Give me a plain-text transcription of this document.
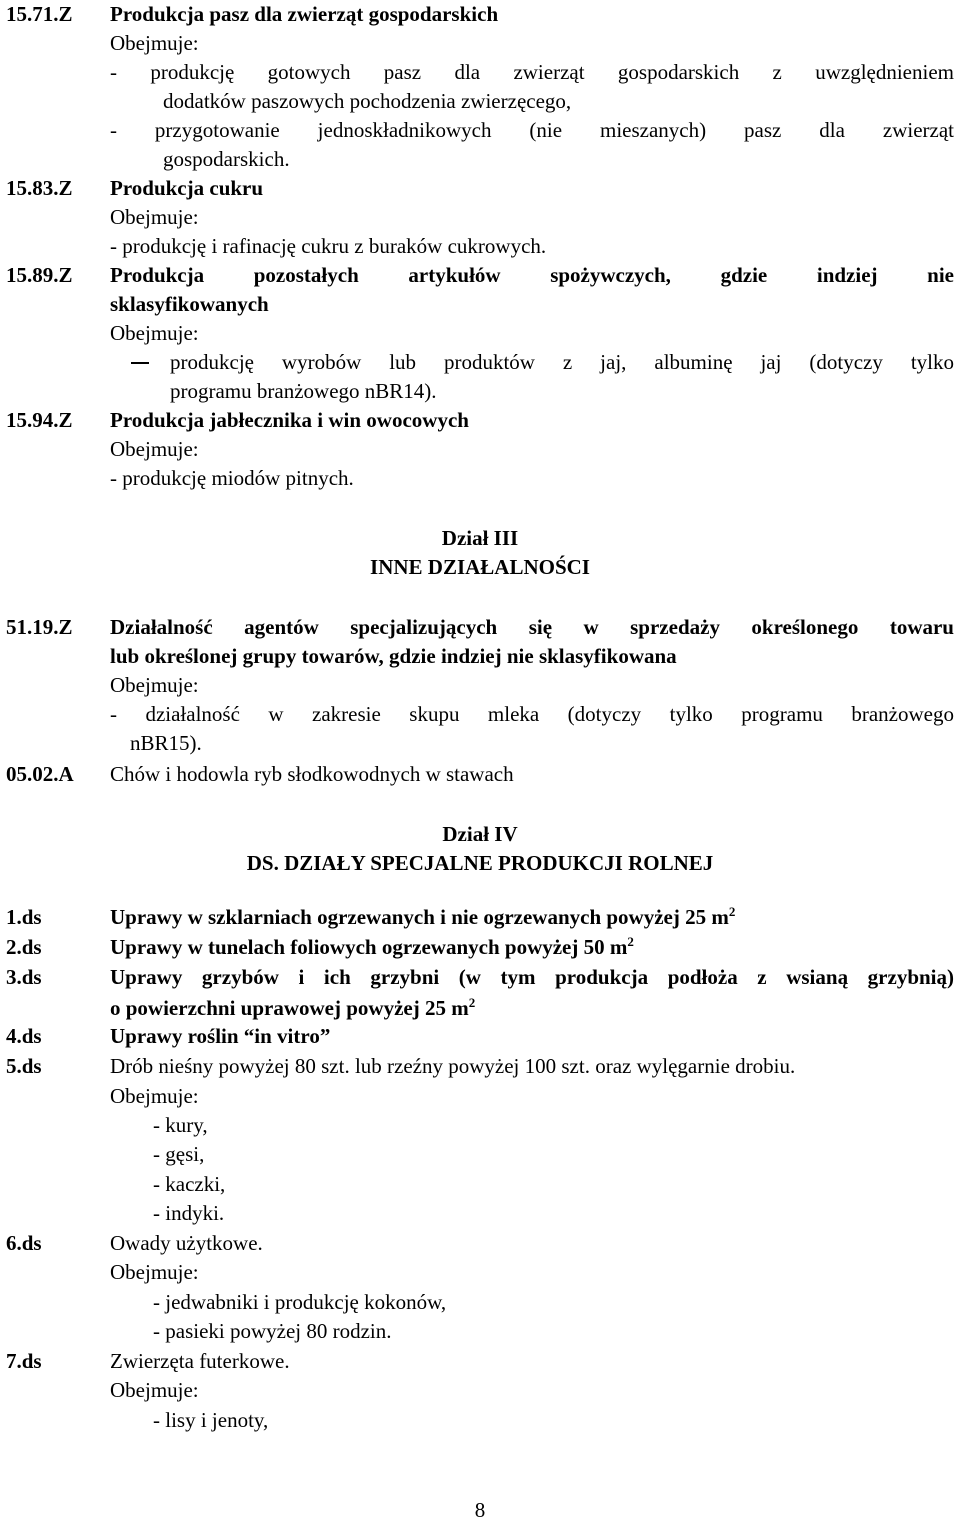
15.71.Z Produkcja pasz dla zwierząt gospodarskich
Obejmuje:
- produkcję gotowych pasz dla zwierząt gospodarskich z uwzględnieniem
dodatków paszowych pochodzenia zwierzęcego,
- przygotowanie jednoskładnikowych (nie mieszanych) pasz dla zwierząt
gospodarskich.
15.83.Z Produkcja cukru
Obejmuje:
- produkcję i rafinację cukru z buraków cukrowych.
15.89.Z Produkcja pozostałych artykułów spożywczych, gdzie indziej nie
sklasyfikowanych
Obejmuje:
produkcję wyrobów lub produktów z jaj, albuminę jaj (dotyczy tylko
programu branżowego nBR14).
15.94.Z Produkcja jabłecznika i win owocowych
Obejmuje:
- produkcję miodów pitnych.
Dział III
INNE DZIAŁALNOŚCI
51.19.Z Działalność agentów specjalizujących się w sprzedaży określonego towaru
lub określonej grupy towarów, gdzie indziej nie sklasyfikowana
Obejmuje:
- działalność w zakresie skupu mleka (dotyczy tylko programu branżowego
nBR15).
05.02.A Chów i hodowla ryb słodkowodnych w stawach
Dział IV
DS. DZIAŁY SPECJALNE PRODUKCJI ROLNEJ
1.ds	Uprawy w szklarniach ogrzewanych i nie ogrzewanych powyżej 25 $m^2$
2.ds	Uprawy w tunelach foliowych ogrzewanych powyżej 50 $m^2$
3.ds	Uprawy grzybów i ich grzybni (w tym produkcja podłoża z wsianą grzybnią)
o powierzchni uprawowej powyżej 25 $m^2$
4.ds	Uprawy roślin “in vitro”
5.ds	Drób nieśny powyżej 80 szt. lub rzeźny powyżej 100 szt. oraz wylęgarnie drobiu.
Obejmuje:
- kury,
- gęsi,
- kaczki,
- indyki.
6.ds	Owady użytkowe.
Obejmuje:
- jedwabniki i produkcję kokonów,
- pasieki powyżej 80 rodzin.
7.ds	Zwierzęta futerkowe.
Obejmuje:
- lisy i jenoty,
8
